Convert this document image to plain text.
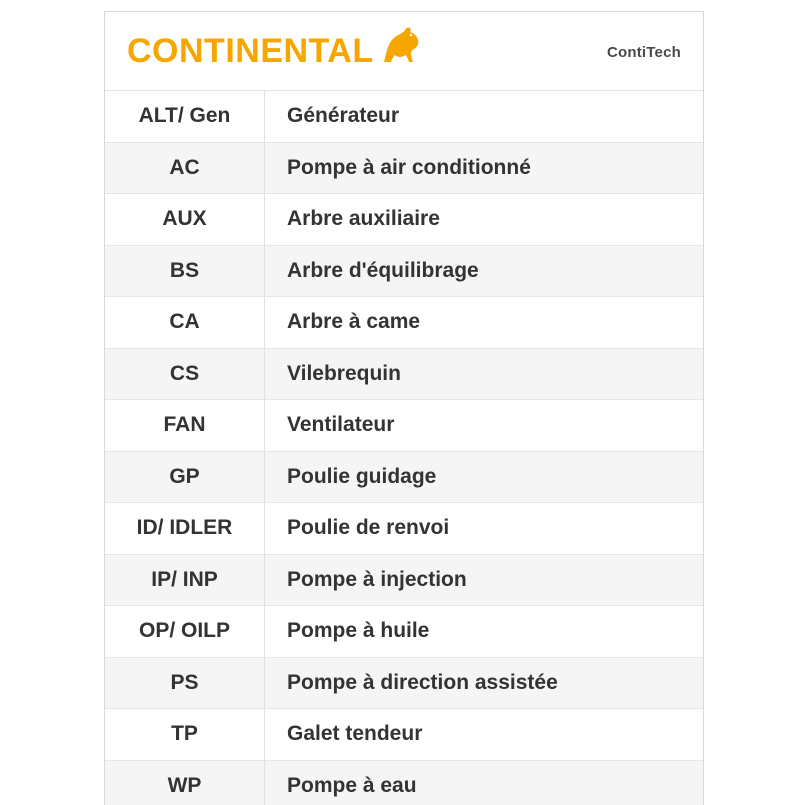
CONTINENTAL	ContiTech
ALT/ Gen	Générateur
AC	Pompe à air conditionné
AUX	Arbre auxiliaire
BS	Arbre d'équilibrage
CA	Arbre à came
CS	Vilebrequin
FAN	Ventilateur
GP	Poulie guidage
ID/ IDLER	Poulie de renvoi
IP/ INP	Pompe à injection
OP/ OILP	Pompe à huile
PS	Pompe à direction assistée
TP	Galet tendeur
WP	Pompe à eau
